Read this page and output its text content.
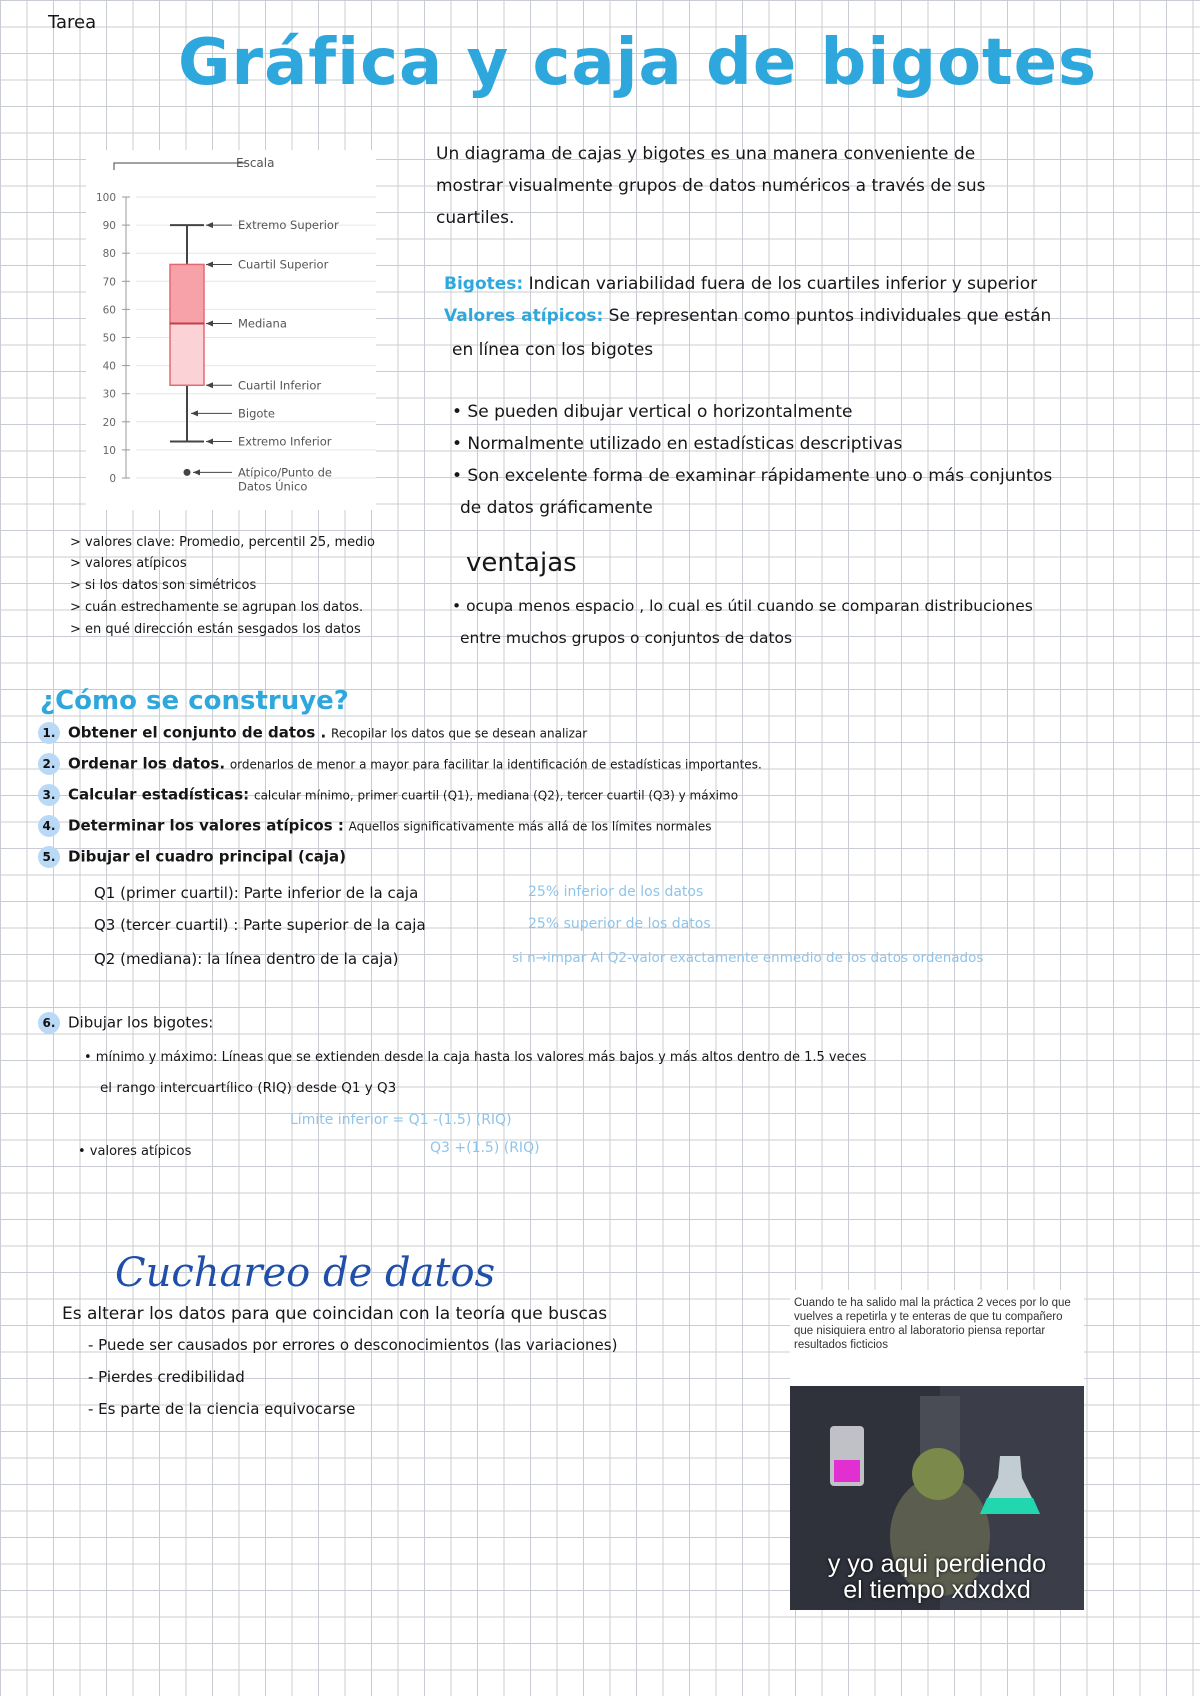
Tarea
Gráfica y caja de bigotes
100
90
80
70
60
50
40
30
20
10
0
Escala
Extremo Superior
Cuartil Superior
Mediana
Cuartil Inferior
Bigote
Extremo Inferior
Atípico/Punto de
Datos Único
Un diagrama de cajas y bigotes es una manera conveniente de
mostrar visualmente grupos de datos numéricos a través de sus
cuartiles.
Bigotes: Indican variabilidad fuera de los cuartiles inferior y superior
Valores atípicos: Se representan como puntos individuales que están
en línea con los bigotes
• Se pueden dibujar vertical o horizontalmente
• Normalmente utilizado en estadísticas descriptivas
• Son excelente forma de examinar rápidamente uno o más conjuntos
de datos gráficamente
> valores clave: Promedio, percentil 25, medio
> valores atípicos
> si los datos son simétricos
> cuán estrechamente se agrupan los datos.
> en qué dirección están sesgados los datos
ventajas
• ocupa menos espacio , lo cual es útil cuando se comparan distribuciones
entre muchos grupos o conjuntos de datos
¿Cómo se construye?
1. Obtener el conjunto de datos . Recopilar los datos que se desean analizar
2. Ordenar los datos. ordenarlos de menor a mayor para facilitar la identificación de estadísticas importantes.
3. Calcular estadísticas: calcular mínimo, primer cuartil (Q1), mediana (Q2), tercer cuartil (Q3) y máximo
4. Determinar los valores atípicos : Aquellos significativamente más allá de los límites normales
5. Dibujar el cuadro principal (caja)
Q1 (primer cuartil): Parte inferior de la caja	25% inferior de los datos
Q3 (tercer cuartil) : Parte superior de la caja	25% superior de los datos
Q2 (mediana): la línea dentro de la caja)	si n→impar Al Q2-valor exactamente enmedio de los datos ordenados
6. Dibujar los bigotes:
• mínimo y máximo: Líneas que se extienden desde la caja hasta los valores más bajos y más altos dentro de 1.5 veces
el rango intercuartílico (RIQ) desde Q1 y Q3
Límite inferior = Q1 -(1.5) (RIQ)
Q3 +(1.5) (RIQ)
• valores atípicos
Cuchareo de datos
Es alterar los datos para que coincidan con la teoría que buscas
- Puede ser causados por errores o desconocimientos (las variaciones)
- Pierdes credibilidad
- Es parte de la ciencia equivocarse
Cuando te ha salido mal la práctica 2 veces por lo que vuelves a repetirla y te enteras de que tu compañero que nisiquiera entro al laboratorio piensa reportar resultados ficticios
y yo aqui perdiendo
el tiempo xdxdxd
